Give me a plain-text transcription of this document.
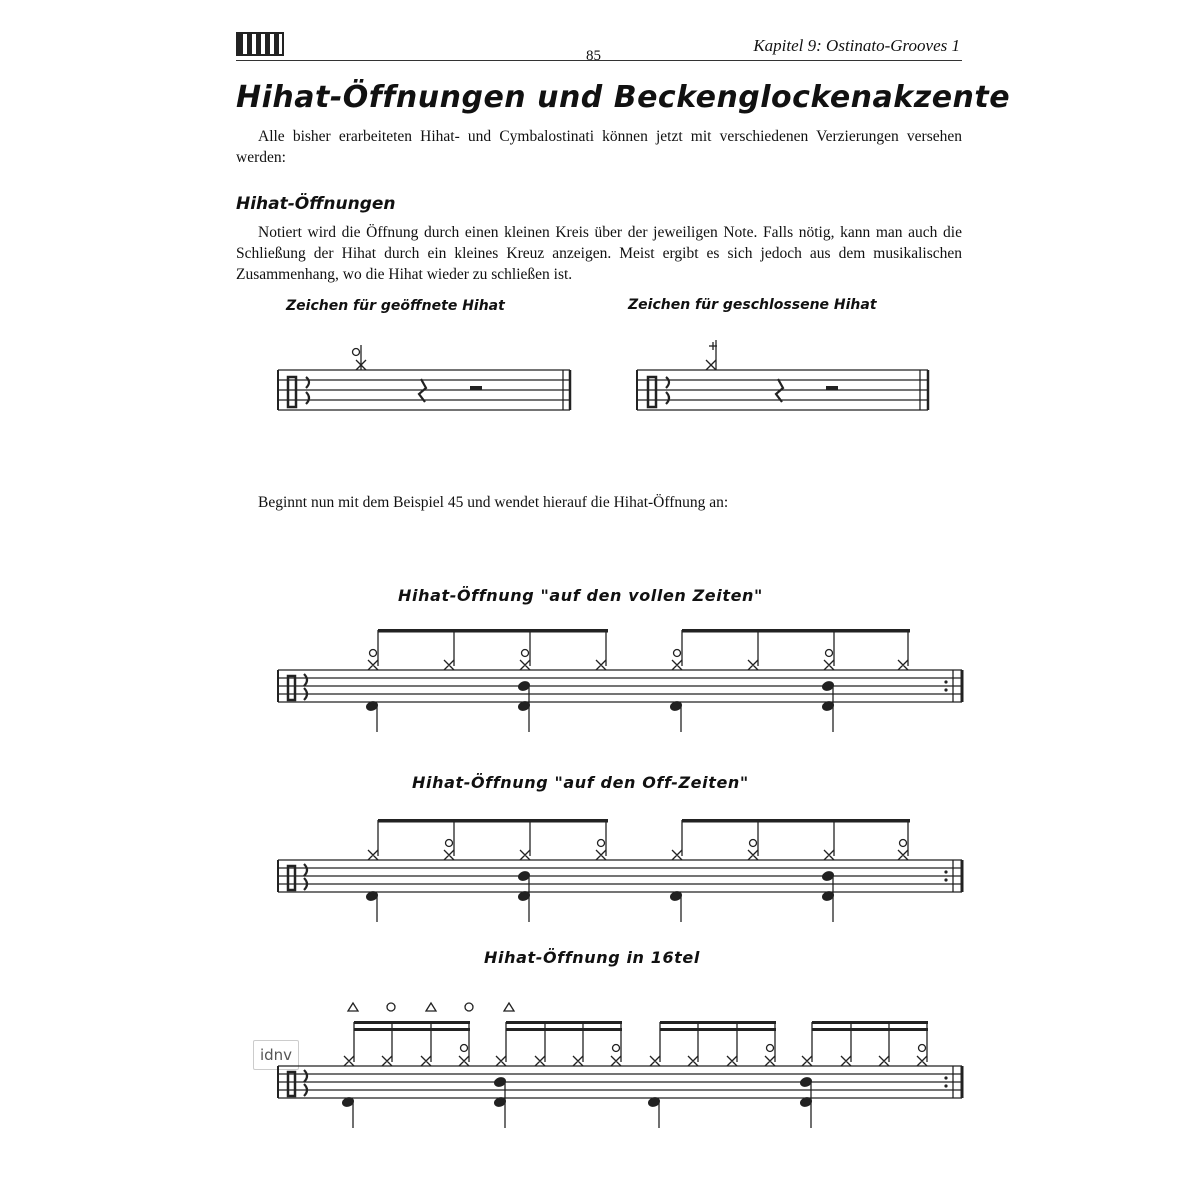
85
Kapitel 9: Ostinato-Grooves 1
Hihat-Öffnungen und Beckenglockenakzente
Alle bisher erarbeiteten Hihat- und Cymbalostinati können jetzt mit verschiedenen Verzierungen versehen werden:
Hihat-Öffnungen
Notiert wird die Öffnung durch einen kleinen Kreis über der jeweiligen Note. Falls nötig, kann man auch die Schließung der Hihat durch ein kleines Kreuz anzeigen. Meist ergibt es sich jedoch aus dem musikalischen Zusammenhang, wo die Hihat wieder zu schließen ist.
Zeichen für geöffnete Hihat	Zeichen für geschlossene Hihat
Beginnt nun mit dem Beispiel 45 und wendet hierauf die Hihat-Öffnung an:
Hihat-Öffnung "auf den vollen Zeiten"
Hihat-Öffnung "auf den Off-Zeiten"
Hihat-Öffnung in 16tel
idnv
